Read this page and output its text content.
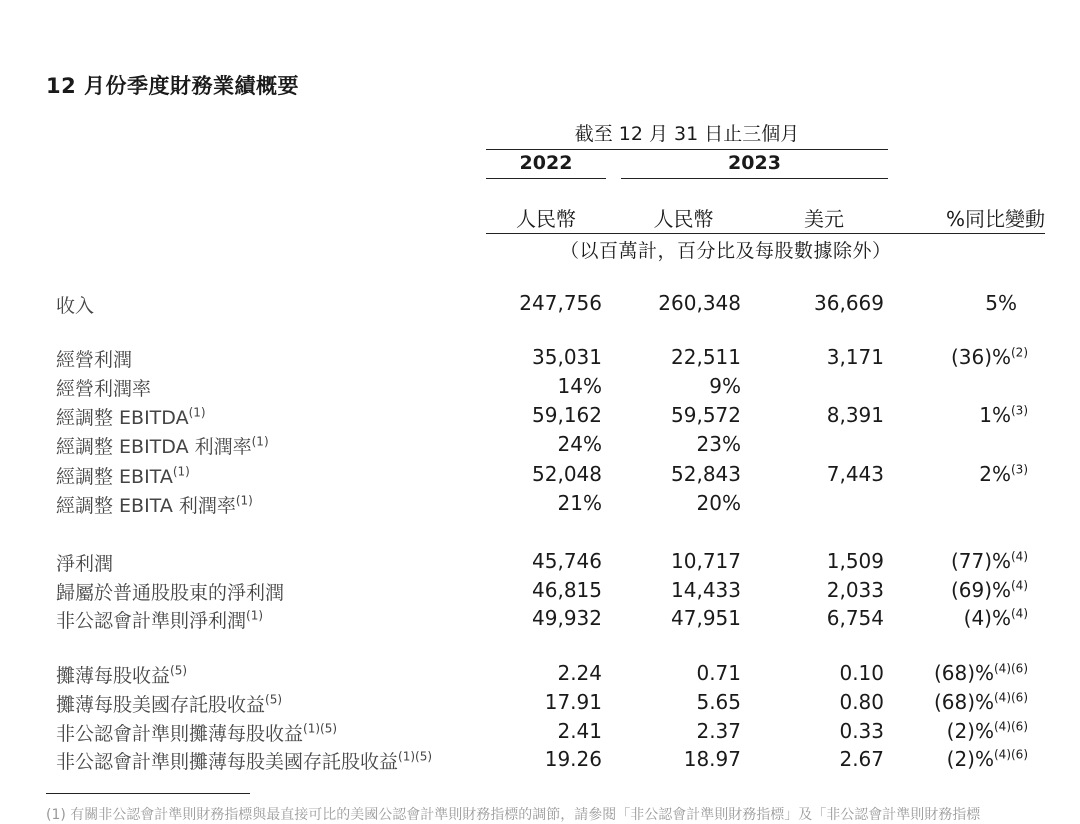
12 月份季度財務業績概要
截至 12 月 31 日止三個月
2022	2023
人民幣	人民幣	美元	%同比變動
（以百萬計，百分比及每股數據除外）
收入	247,756	260,348	36,669	5%
經營利潤	35,031	22,511	3,171	(36)%$^{(2)}$
經營利潤率	14%	9%
經調整 EBITDA$^{(1)}$	59,162	59,572	8,391	1%$^{(3)}$
經調整 EBITDA 利潤率$^{(1)}$	24%	23%
經調整 EBITA$^{(1)}$	52,048	52,843	7,443	2%$^{(3)}$
經調整 EBITA 利潤率$^{(1)}$	21%	20%
淨利潤	45,746	10,717	1,509	(77)%$^{(4)}$
歸屬於普通股股東的淨利潤	46,815	14,433	2,033	(69)%$^{(4)}$
非公認會計準則淨利潤$^{(1)}$	49,932	47,951	6,754	(4)%$^{(4)}$
攤薄每股收益$^{(5)}$	2.24	0.71	0.10 (68)%$^{(4)(6)}$
攤薄每股美國存託股收益$^{(5)}$	17.91	5.65	0.80 (68)%$^{(4)(6)}$
非公認會計準則攤薄每股收益$^{(1)(5)}$	2.41	2.37	0.33	(2)%$^{(4)(6)}$
非公認會計準則攤薄每股美國存託股收益$^{(1)(5)}$	19.26	18.97	2.67	(2)%$^{(4)(6)}$
(1) 有關非公認會計準則財務指標與最直接可比的美國公認會計準則財務指標的調節，請參閱「非公認會計準則財務指標」及「非公認會計準則財務指標
